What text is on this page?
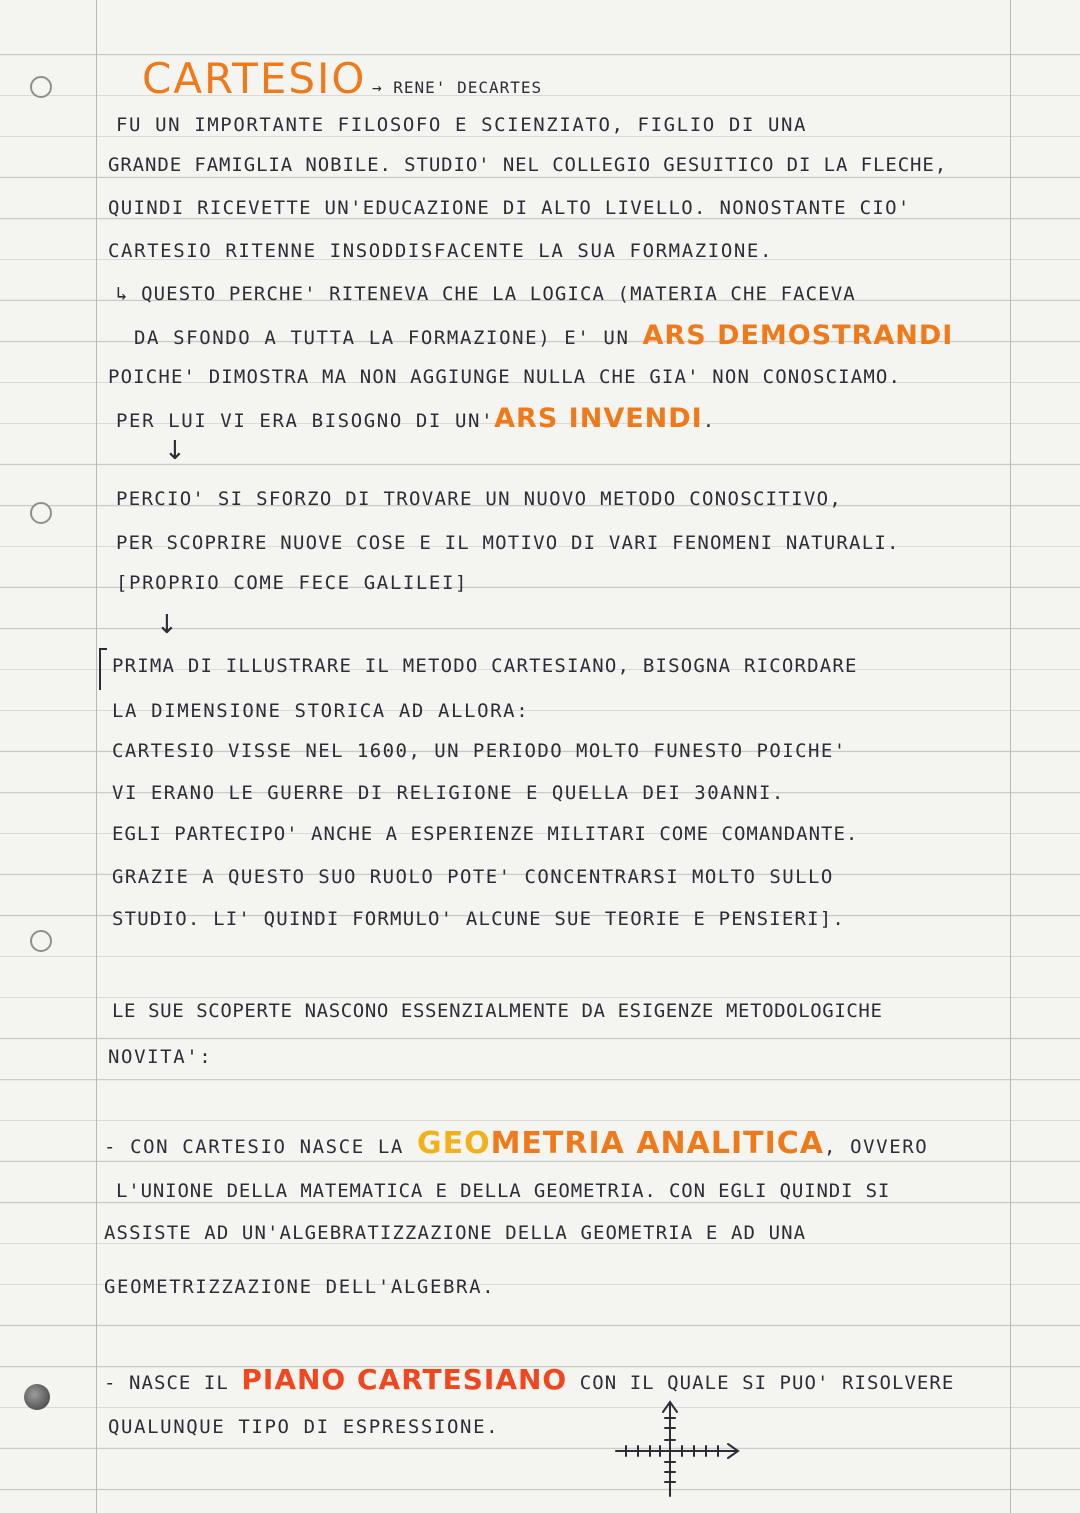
CARTESIO → RENE' DECARTES
FU UN IMPORTANTE FILOSOFO E SCIENZIATO, FIGLIO DI UNA
GRANDE FAMIGLIA NOBILE. STUDIO' NEL COLLEGIO GESUITICO DI LA FLECHE,
QUINDI RICEVETTE UN'EDUCAZIONE DI ALTO LIVELLO. NONOSTANTE CIO'
CARTESIO RITENNE INSODDISFACENTE LA SUA FORMAZIONE.
↳ QUESTO PERCHE' RITENEVA CHE LA LOGICA (MATERIA CHE FACEVA
DA SFONDO A TUTTA LA FORMAZIONE) E' UN ARS DEMOSTRANDI
POICHE' DIMOSTRA MA NON AGGIUNGE NULLA CHE GIA' NON CONOSCIAMO.
PER LUI VI ERA BISOGNO DI UN'ARS INVENDI.
↓
PERCIO' SI SFORZO DI TROVARE UN NUOVO METODO CONOSCITIVO,
PER SCOPRIRE NUOVE COSE E IL MOTIVO DI VARI FENOMENI NATURALI.
[PROPRIO COME FECE GALILEI]
↓
PRIMA DI ILLUSTRARE IL METODO CARTESIANO, BISOGNA RICORDARE
LA DIMENSIONE STORICA AD ALLORA:
CARTESIO VISSE NEL 1600, UN PERIODO MOLTO FUNESTO POICHE'
VI ERANO LE GUERRE DI RELIGIONE E QUELLA DEI 30ANNI.
EGLI PARTECIPO' ANCHE A ESPERIENZE MILITARI COME COMANDANTE.
GRAZIE A QUESTO SUO RUOLO POTE' CONCENTRARSI MOLTO SULLO
STUDIO. LI' QUINDI FORMULO' ALCUNE SUE TEORIE E PENSIERI].
LE SUE SCOPERTE NASCONO ESSENZIALMENTE DA ESIGENZE METODOLOGICHE
NOVITA':
- CON CARTESIO NASCE LA GEOMETRIA ANALITICA, OVVERO
L'UNIONE DELLA MATEMATICA E DELLA GEOMETRIA. CON EGLI QUINDI SI
ASSISTE AD UN'ALGEBRATIZZAZIONE DELLA GEOMETRIA E AD UNA
GEOMETRIZZAZIONE DELL'ALGEBRA.
- NASCE IL PIANO CARTESIANO CON IL QUALE SI PUO' RISOLVERE
QUALUNQUE TIPO DI ESPRESSIONE.
